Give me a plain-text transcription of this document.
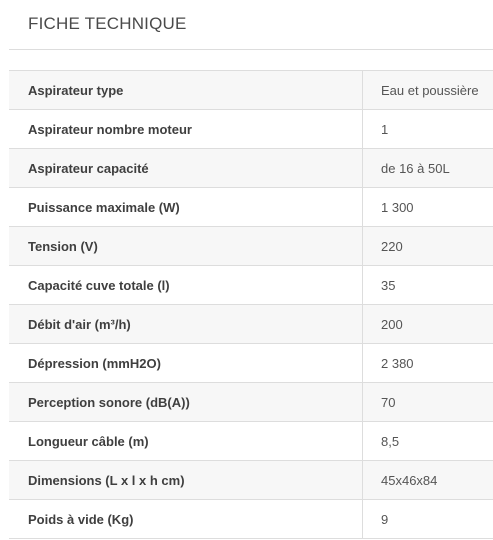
FICHE TECHNIQUE
Aspirateur type	Eau et poussière
Aspirateur nombre moteur	1
Aspirateur capacité	de 16 à 50L
Puissance maximale (W)	1 300
Tension (V)	220
Capacité cuve totale (l)	35
Débit d'air (m³/h)	200
Dépression (mmH2O)	2 380
Perception sonore (dB(A))	70
Longueur câble (m)	8,5
Dimensions (L x l x h cm)	45x46x84
Poids à vide (Kg)	9
